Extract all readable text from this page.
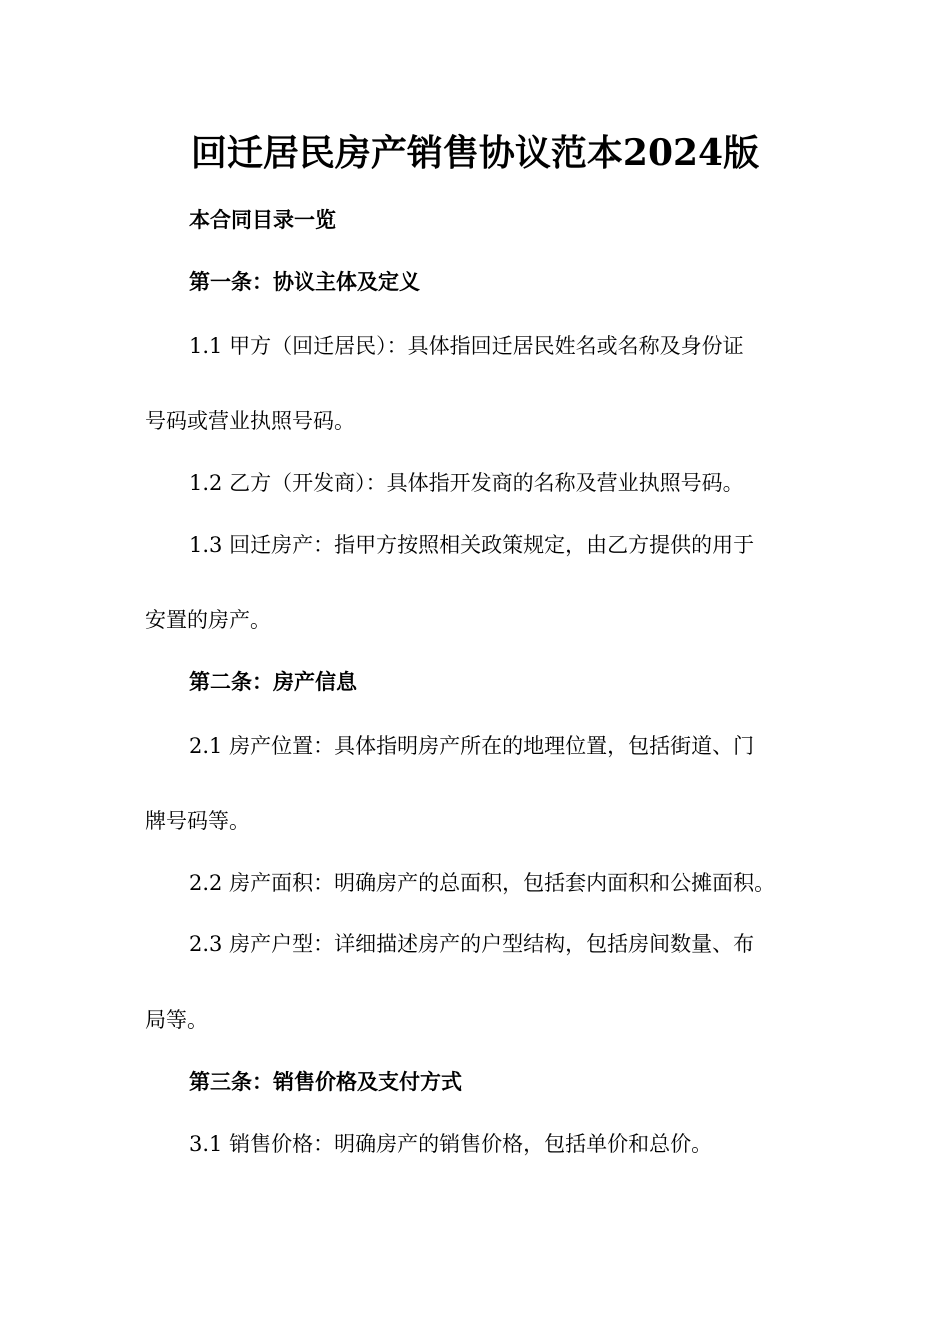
回迁居民房产销售协议范本2024版

本合同目录一览

第一条：协议主体及定义

1.1 甲方（回迁居民）：具体指回迁居民姓名或名称及身份证

号码或营业执照号码。

1.2 乙方（开发商）：具体指开发商的名称及营业执照号码。

1.3 回迁房产：指甲方按照相关政策规定，由乙方提供的用于

安置的房产。

第二条：房产信息

2.1 房产位置：具体指明房产所在的地理位置，包括街道、门

牌号码等。

2.2 房产面积：明确房产的总面积，包括套内面积和公摊面积。

2.3 房产户型：详细描述房产的户型结构，包括房间数量、布

局等。

第三条：销售价格及支付方式

3.1 销售价格：明确房产的销售价格，包括单价和总价。
